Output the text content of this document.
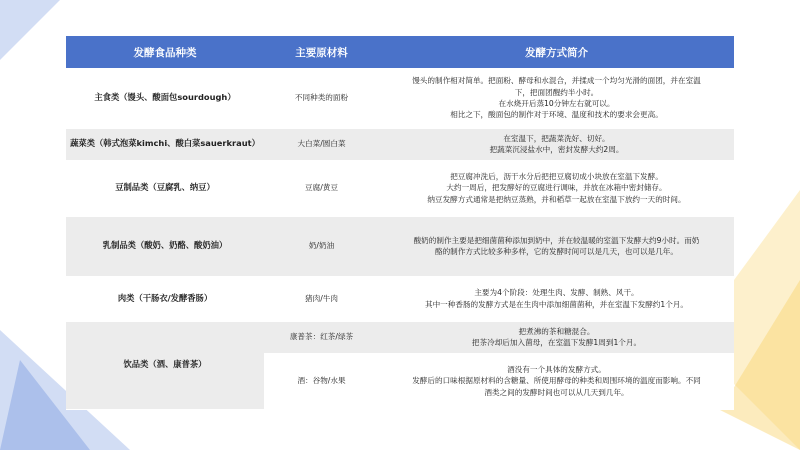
发酵食品种类	主要原材料	发酵方式简介
主食类（馒头、酸面包sourdough）	不同种类的面粉	馒头的制作相对简单。把面粉、酵母和水混合，并揉成一个均匀光滑的面团，并在室温
下，把面团醒约半小时。
在水烧开后蒸10分钟左右就可以。
相比之下，酸面包的制作对于环境、温度和技术的要求会更高。

蔬菜类（韩式泡菜kimchi、酸白菜sauerkraut）	大白菜/圆白菜	在室温下，把蔬菜洗好、切好。
把蔬菜沉浸盐水中，密封发酵大约2周。

豆制品类（豆腐乳、纳豆）	豆腐/黄豆	把豆腐冲洗后，沥干水分后把把豆腐切成小块放在室温下发酵。
大约一周后，把发酵好的豆腐进行调味，并放在冰箱中密封储存。
纳豆发酵方式通常是把纳豆蒸熟，并和稻草一起放在室温下放约一天的时间。

乳制品类（酸奶、奶酪、酸奶油）	奶/奶油	酸奶的制作主要是把细菌菌种添加到奶中，并在较温暖的室温下发酵大约9小时。而奶
酪的制作方式比较多种多样，它的发酵时间可以是几天，也可以是几年。

肉类（干肠衣/发酵香肠）	猪肉/牛肉	主要为4个阶段：处理生肉、发酵、制熟、风干。
其中一种香肠的发酵方式是在生肉中添加细菌菌种，并在室温下发酵约1个月。

饮品类（酒、康普茶）	康普茶：红茶/绿茶	把煮沸的茶和糖混合。
把茶冷却后加入菌母，在室温下发酵1周到1个月。

	酒：谷物/水果	酒没有一个具体的发酵方式。
发酵后的口味根据原材料的含糖量、所使用酵母的种类和周围环境的温度而影响。不同
酒类之间的发酵时间也可以从几天到几年。
